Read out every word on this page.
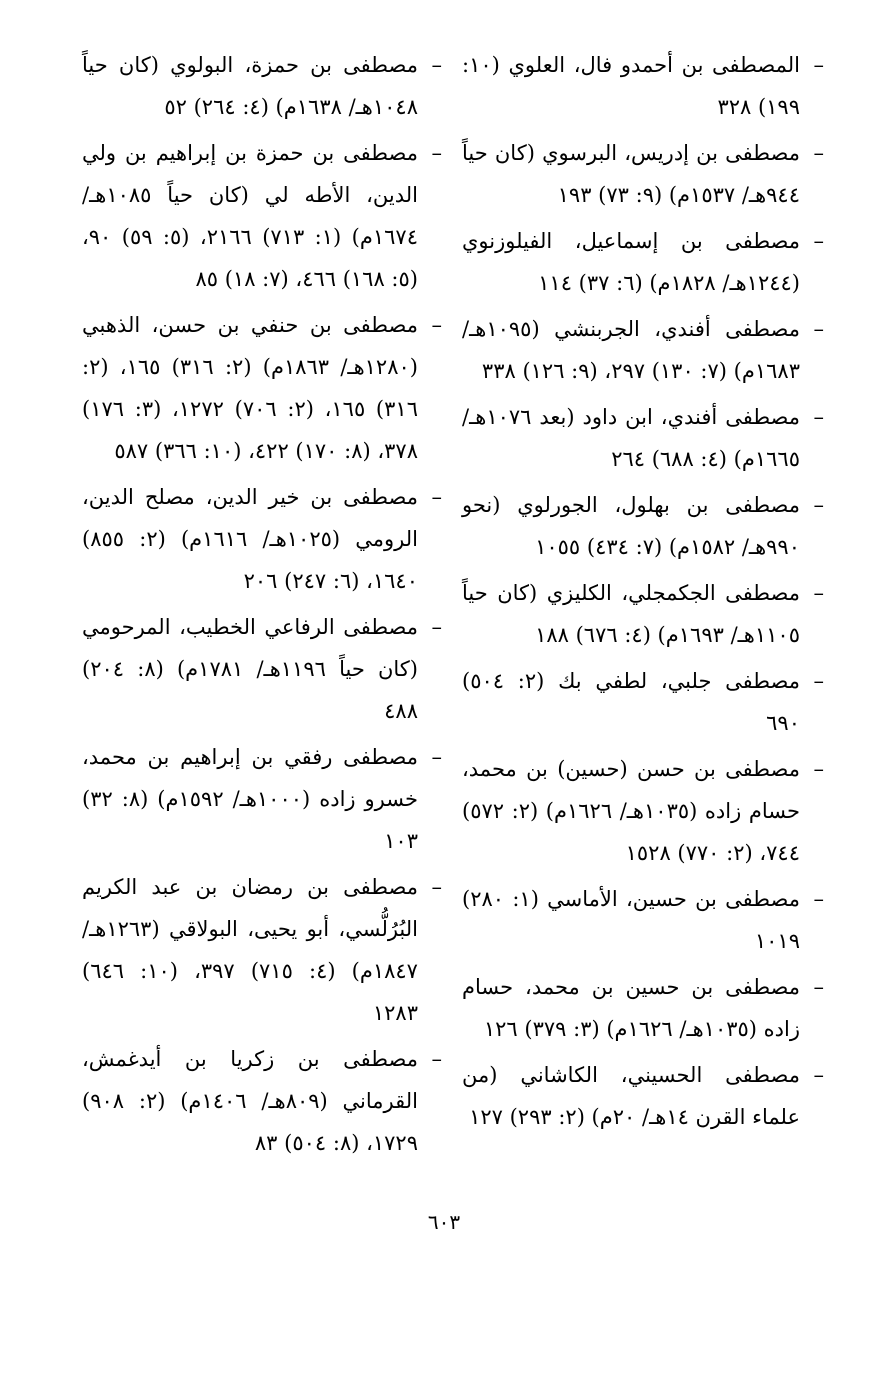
–
المصطفى بن أحمدو فال، العلوي (١٠: ١٩٩) ٣٢٨
–
مصطفى بن إدريس، البرسوي (كان حياً ٩٤٤هـ/ ١٥٣٧م) (٩: ٧٣) ١٩٣
–
مصطفى بن إسماعيل، الفيلوزنوي (١٢٤٤هـ/ ١٨٢٨م) (٦: ٣٧) ١١٤
–
مصطفى أفندي، الجربنشي (١٠٩٥هـ/ ١٦٨٣م) (٧: ١٣٠) ٢٩٧، (٩: ١٢٦) ٣٣٨
–
مصطفى أفندي، ابن داود (بعد ١٠٧٦هـ/ ١٦٦٥م) (٤: ٦٨٨) ٢٦٤
–
مصطفى بن بهلول، الجورلوي (نحو ٩٩٠هـ/ ١٥٨٢م) (٧: ٤٣٤) ١٠٥٥
–
مصطفى الجكمجلي، الكليزي (كان حياً ١١٠٥هـ/ ١٦٩٣م) (٤: ٦٧٦) ١٨٨
–
مصطفى جلبي، لطفي بك (٢: ٥٠٤) ٦٩٠
–
مصطفى بن حسن (حسين) بن محمد، حسام زاده (١٠٣٥هـ/ ١٦٢٦م) (٢: ٥٧٢) ٧٤٤، (٢: ٧٧٠) ١٥٢٨
–
مصطفى بن حسين، الأماسي (١: ٢٨٠) ١٠١٩
–
مصطفى بن حسين بن محمد، حسام زاده (١٠٣٥هـ/ ١٦٢٦م) (٣: ٣٧٩) ١٢٦
–
مصطفى الحسيني، الكاشاني (من علماء القرن ١٤هـ/ ٢٠م) (٢: ٢٩٣) ١٢٧
–
مصطفى بن حمزة، البولوي (كان حياً ١٠٤٨هـ/ ١٦٣٨م) (٤: ٢٦٤) ٥٢
–
مصطفى بن حمزة بن إبراهيم بن ولي الدين، الأطه لي (كان حياً ١٠٨٥هـ/ ١٦٧٤م) (١: ٧١٣) ٢١٦٦، (٥: ٥٩) ٩٠، (٥: ١٦٨) ٤٦٦، (٧: ١٨) ٨٥
–
مصطفى بن حنفي بن حسن، الذهبي (١٢٨٠هـ/ ١٨٦٣م) (٢: ٣١٦) ١٦٥، (٢: ٣١٦) ١٦٥، (٢: ٧٠٦) ١٢٧٢، (٣: ١٧٦) ٣٧٨، (٨: ١٧٠) ٤٢٢، (١٠: ٣٦٦) ٥٨٧
–
مصطفى بن خير الدين، مصلح الدين، الرومي (١٠٢٥هـ/ ١٦١٦م) (٢: ٨٥٥) ١٦٤٠، (٦: ٢٤٧) ٢٠٦
–
مصطفى الرفاعي الخطيب، المرحومي (كان حياً ١١٩٦هـ/ ١٧٨١م) (٨: ٢٠٤) ٤٨٨
–
مصطفى رفقي بن إبراهيم بن محمد، خسرو زاده (١٠٠٠هـ/ ١٥٩٢م) (٨: ٣٢) ١٠٣
–
مصطفى بن رمضان بن عبد الكريم البُرُلُّسي، أبو يحيى، البولاقي (١٢٦٣هـ/ ١٨٤٧م) (٤: ٧١٥) ٣٩٧، (١٠: ٦٤٦) ١٢٨٣
–
مصطفى بن زكريا بن أيدغمش، القرماني (٨٠٩هـ/ ١٤٠٦م) (٢: ٩٠٨) ١٧٢٩، (٨: ٥٠٤) ٨٣
٦٠٣
